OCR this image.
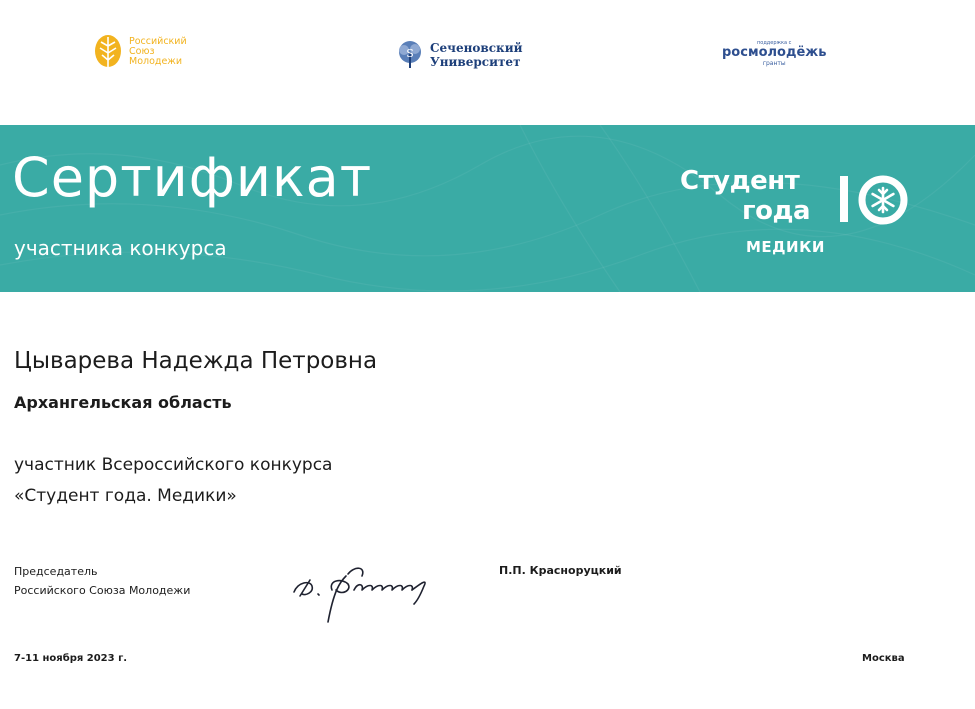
Российский
Союз
Молодежи
S Сеченовский
Университет
поддержка с
росмолодёжь
гранты
Сертификат
участника конкурса
Студент
года
МЕДИКИ
Цыварева Надежда Петровна
Архангельская область
участник Всероссийского конкурса
«Студент года. Медики»
Председатель
Российского Союза Молодежи
П.П. Красноруцкий
7-11 ноября 2023 г.	Москва
